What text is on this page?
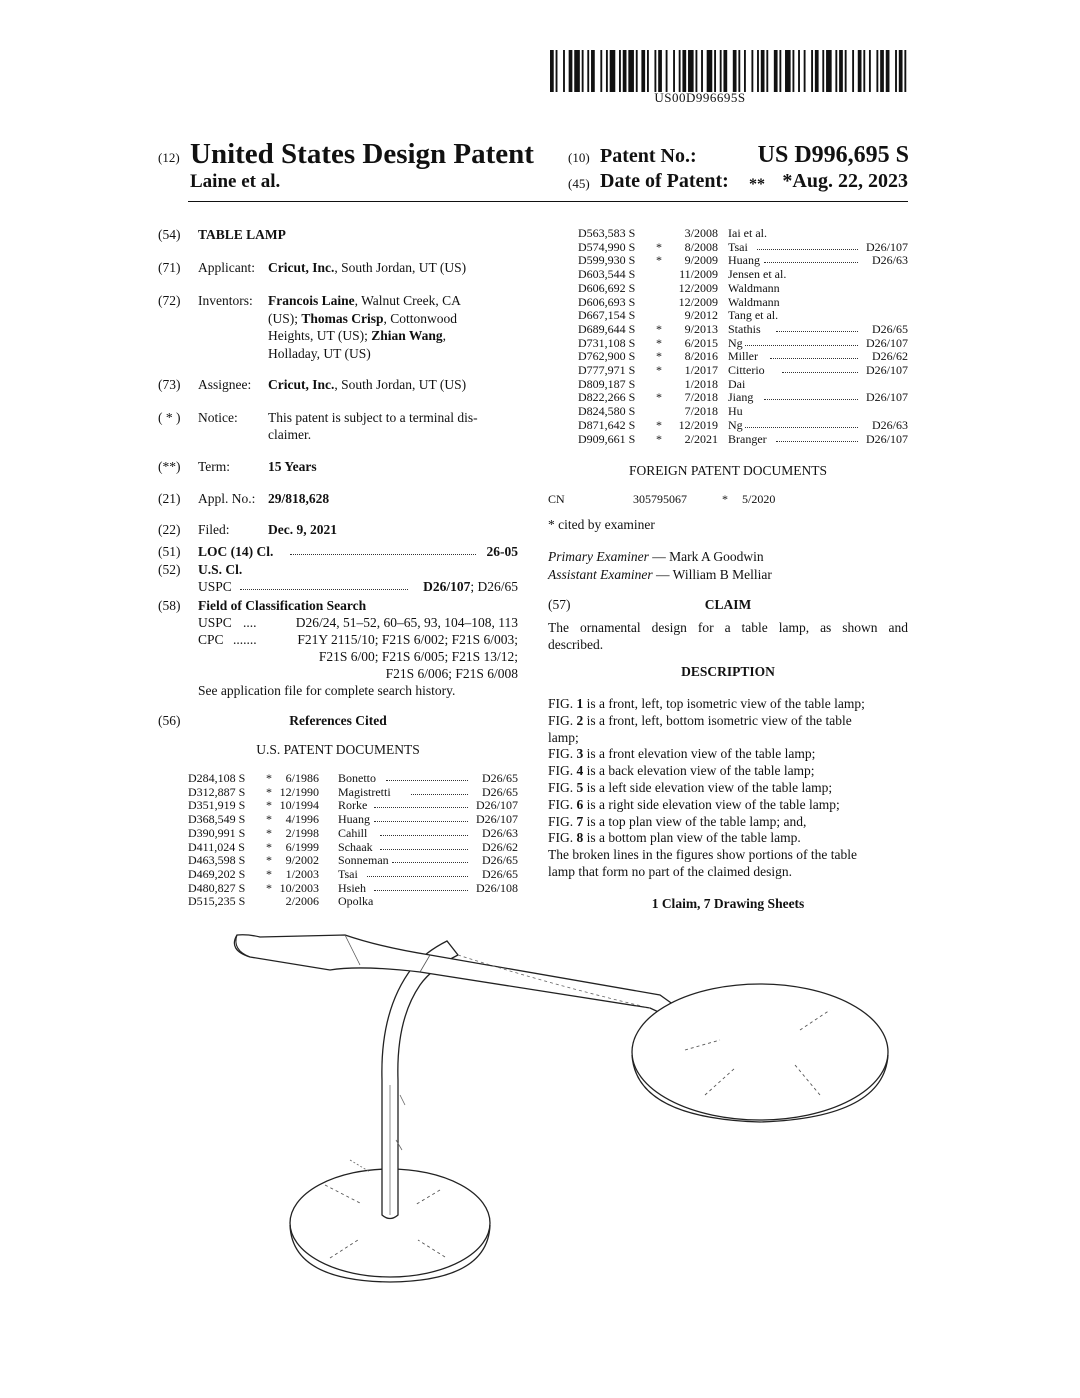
US00D996695S
(12) United States Design Patent
Laine et al.
(10) Patent No.:	US D996,695 S
(45) Date of Patent: ** *Aug. 22, 2023
(54) TABLE LAMP
(71) Applicant: Cricut, Inc., South Jordan, UT (US)
(72) Inventors: Francois Laine, Walnut Creek, CA
(US); Thomas Crisp, Cottonwood
Heights, UT (US); Zhian Wang,
Holladay, UT (US)
(73) Assignee: Cricut, Inc., South Jordan, UT (US)
( * ) Notice: This patent is subject to a terminal dis-
claimer.
(**) Term:	15 Years
(21) Appl. No.: 29/818,628
(22) Filed:	Dec. 9, 2021
(51) LOC (14) Cl.	26-05
(52) U.S. Cl.
USPC	D26/107; D26/65
(58) Field of Classification Search
USPC ....	D26/24, 51–52, 60–65, 93, 104–108, 113
CPC .......	F21Y 2115/10; F21S 6/002; F21S 6/003;
F21S 6/00; F21S 6/005; F21S 13/12;
F21S 6/006; F21S 6/008
See application file for complete search history.
(56)	References Cited
U.S. PATENT DOCUMENTS
D284,108 S *	6/1986 Bonetto	D26/65
D312,887 S * 12/1990 Magistretti	D26/65
D351,919 S * 10/1994 Rorke	D26/107
D368,549 S *	4/1996 Huang	D26/107
D390,991 S *	2/1998 Cahill	D26/63
D411,024 S *	6/1999 Schaak	D26/62
D463,598 S *	9/2002 Sonneman	D26/65
D469,202 S *	1/2003 Tsai	D26/65
D480,827 S * 10/2003 Hsieh	D26/108
D515,235 S	2/2006 Opolka
D563,583 S	3/2008 Iai et al.
D574,990 S *	8/2008 Tsai	D26/107
D599,930 S *	9/2009 Huang	D26/63
D603,544 S	11/2009 Jensen et al.
D606,692 S	12/2009 Waldmann
D606,693 S	12/2009 Waldmann
D667,154 S	9/2012 Tang et al.
D689,644 S *	9/2013 Stathis	D26/65
D731,108 S *	6/2015 Ng	D26/107
D762,900 S *	8/2016 Miller	D26/62
D777,971 S *	1/2017 Citterio	D26/107
D809,187 S	1/2018 Dai
D822,266 S *	7/2018 Jiang	D26/107
D824,580 S	7/2018 Hu
D871,642 S * 12/2019 Ng	D26/63
D909,661 S *	2/2021 Branger	D26/107
FOREIGN PATENT DOCUMENTS
CN	305795067	* 5/2020
* cited by examiner
Primary Examiner — Mark A Goodwin
Assistant Examiner — William B Melliar
(57)	CLAIM
The ornamental design for a table lamp, as shown and
described.
DESCRIPTION
FIG. 1 is a front, left, top isometric view of the table lamp;
FIG. 2 is a front, left, bottom isometric view of the table
lamp;
FIG. 3 is a front elevation view of the table lamp;
FIG. 4 is a back elevation view of the table lamp;
FIG. 5 is a left side elevation view of the table lamp;
FIG. 6 is a right side elevation view of the table lamp;
FIG. 7 is a top plan view of the table lamp; and,
FIG. 8 is a bottom plan view of the table lamp.
The broken lines in the figures show portions of the table
lamp that form no part of the claimed design.
1 Claim, 7 Drawing Sheets
